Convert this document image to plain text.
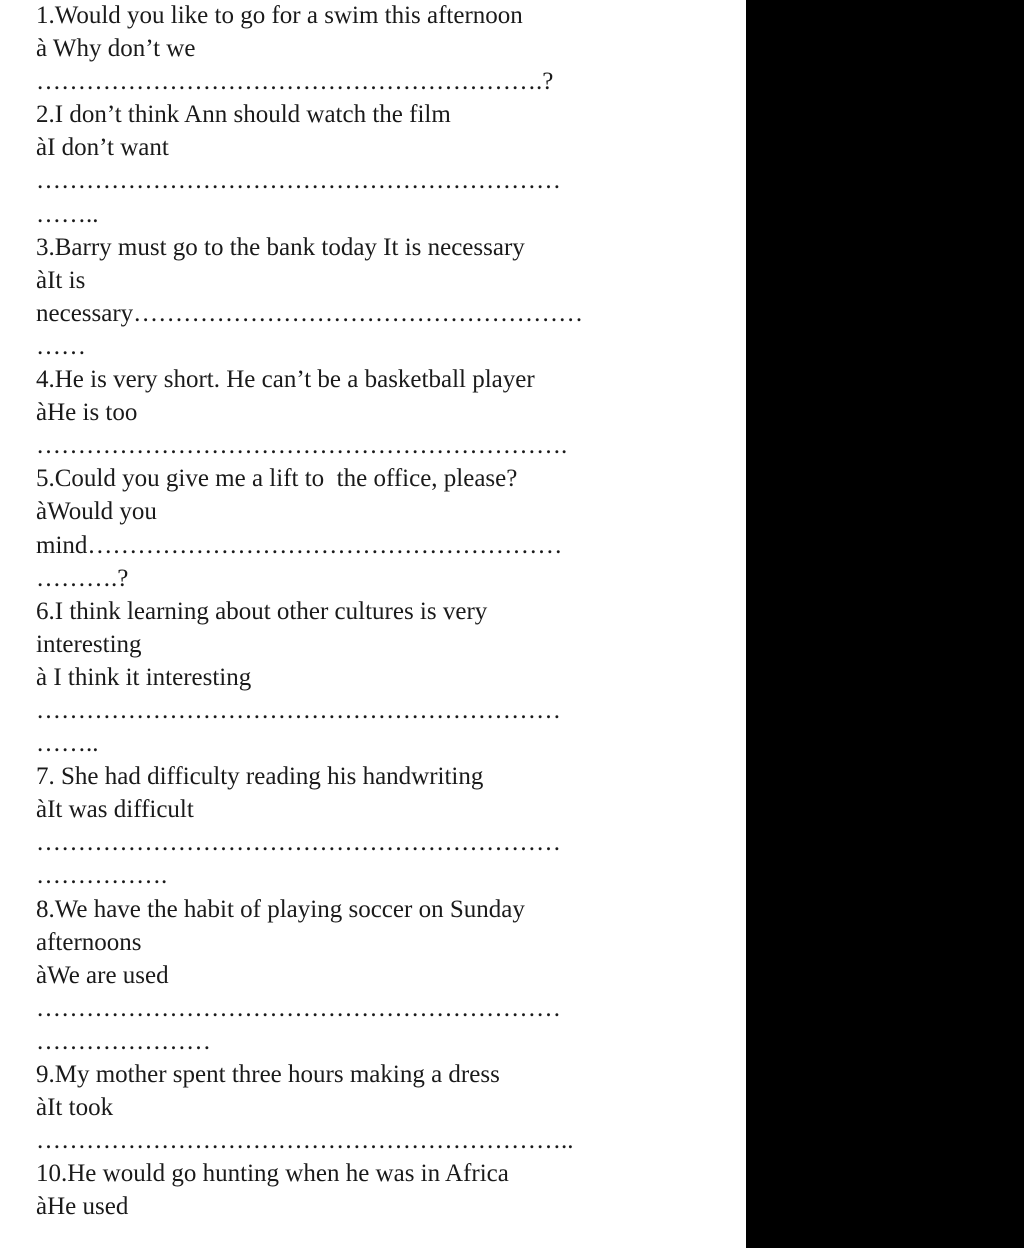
1.Would you like to go for a swim this afternoon
à Why don’t we
…………………………………………………….?
2.I don’t think Ann should watch the film
àI don’t want
………………………………………………………
……..
3.Barry must go to the bank today It is necessary
àIt is
necessary………………………………………………
……
4.He is very short. He can’t be a basketball player
àHe is too
……………………………………………………….
5.Could you give me a lift to  the office, please?
àWould you
mind…………………………………………………
……….?
6.I think learning about other cultures is very
interesting
à I think it interesting
………………………………………………………
……..
7. She had difficulty reading his handwriting
àIt was difficult
………………………………………………………
…………….
8.We have the habit of playing soccer on Sunday
afternoons
àWe are used
………………………………………………………
…………………
9.My mother spent three hours making a dress
àIt took
………………………………………………………..
10.He would go hunting when he was in Africa
àHe used
